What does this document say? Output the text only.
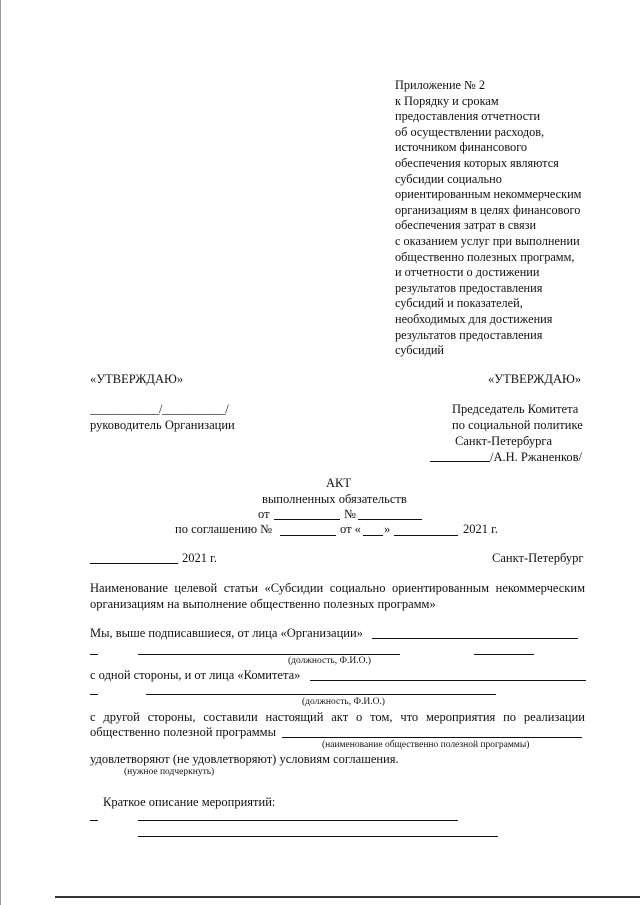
Приложение № 2
к Порядку и срокам
предоставления отчетности
об осуществлении расходов,
источником финансового
обеспечения которых являются
субсидии социально
ориентированным некоммерческим
организациям в целях финансового
обеспечения затрат в связи
с оказанием услуг при выполнении
общественно полезных программ,
и отчетности о достижении
результатов предоставления
субсидий и показателей,
необходимых для достижения
результатов предоставления
субсидий
«УТВЕРЖДАЮ»	«УТВЕРЖДАЮ»
____________/___________/
руководитель Организации
Председатель Комитета
по социальной политике
Санкт-Петербурга
/А.Н. Ржаненков/
АКТ
выполненных обязательств
от	№
по соглашению №	от « »	2021 г.
2021 г.	Санкт-Петербург
Наименование целевой статьи «Субсидии социально ориентированным некоммерческим
организациям на выполнение общественно полезных программ»
Мы, выше подписавшиеся, от лица «Организации»
(должность, Ф.И.О.)
с одной стороны, и от лица «Комитета»
(должность, Ф.И.О.)
с другой стороны, составили настоящий акт о том, что мероприятия по реализации
общественно полезной программы
(наименование общественно полезной программы)
удовлетворяют (не удовлетворяют) условиям соглашения.
(нужное подчеркнуть)
Краткое описание мероприятий:
